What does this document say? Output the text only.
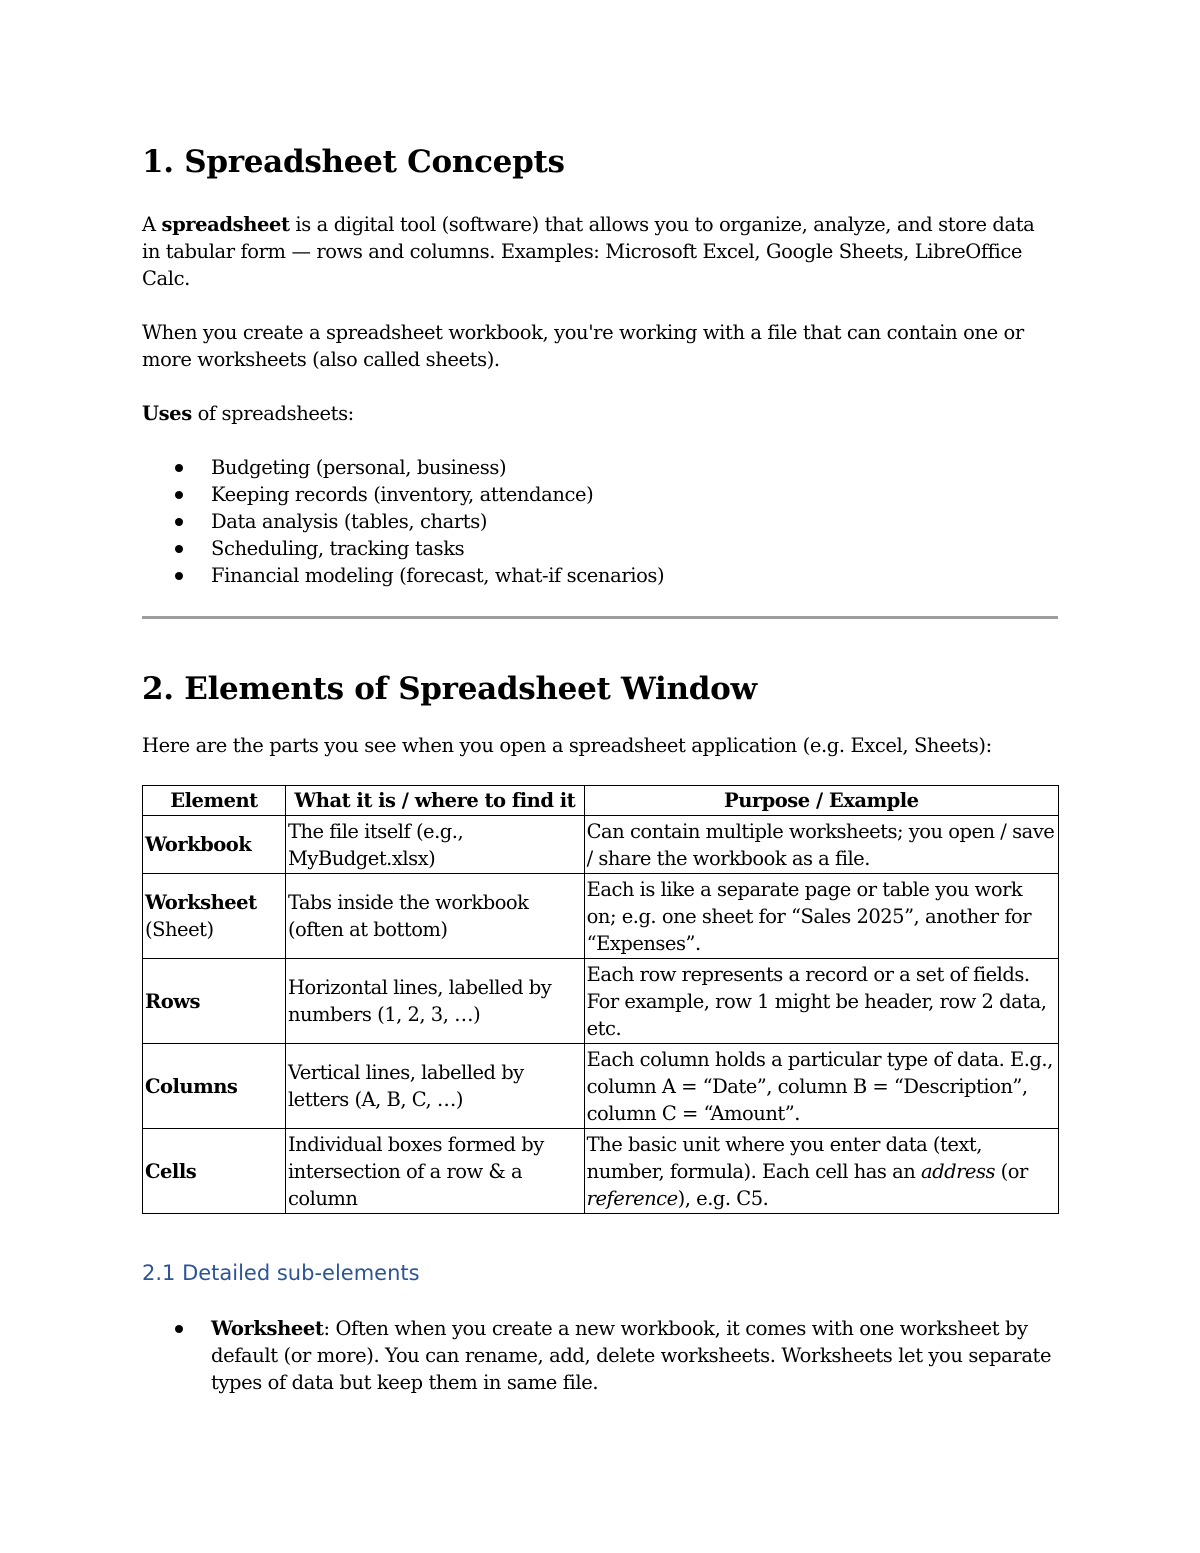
1. Spreadsheet Concepts

A spreadsheet is a digital tool (software) that allows you to organize, analyze, and store data in tabular form — rows and columns. Examples: Microsoft Excel, Google Sheets, LibreOffice Calc.

When you create a spreadsheet workbook, you're working with a file that can contain one or more worksheets (also called sheets).

Uses of spreadsheets:

Budgeting (personal, business)
Keeping records (inventory, attendance)
Data analysis (tables, charts)
Scheduling, tracking tasks
Financial modeling (forecast, what-if scenarios)
2. Elements of Spreadsheet Window

Here are the parts you see when you open a spreadsheet application (e.g. Excel, Sheets):

Element	What it is / where to find it	Purpose / Example
Workbook	The file itself (e.g., MyBudget.xlsx)	Can contain multiple worksheets; you open / save / share the workbook as a file.
Worksheet
(Sheet)	Tabs inside the workbook (often at bottom)	Each is like a separate page or table you work on; e.g. one sheet for “Sales 2025”, another for “Expenses”.
Rows	Horizontal lines, labelled by numbers (1, 2, 3, …)	Each row represents a record or a set of fields. For example, row 1 might be header, row 2 data, etc.
Columns	Vertical lines, labelled by letters (A, B, C, …)	Each column holds a particular type of data. E.g., column A = “Date”, column B = “Description”, column C = “Amount”.
Cells	Individual boxes formed by intersection of a row & a column	The basic unit where you enter data (text, number, formula). Each cell has an address (or reference), e.g. C5.
2.1 Detailed sub-elements
Worksheet: Often when you create a new workbook, it comes with one worksheet by default (or more). You can rename, add, delete worksheets. Worksheets let you separate types of data but keep them in same file.
